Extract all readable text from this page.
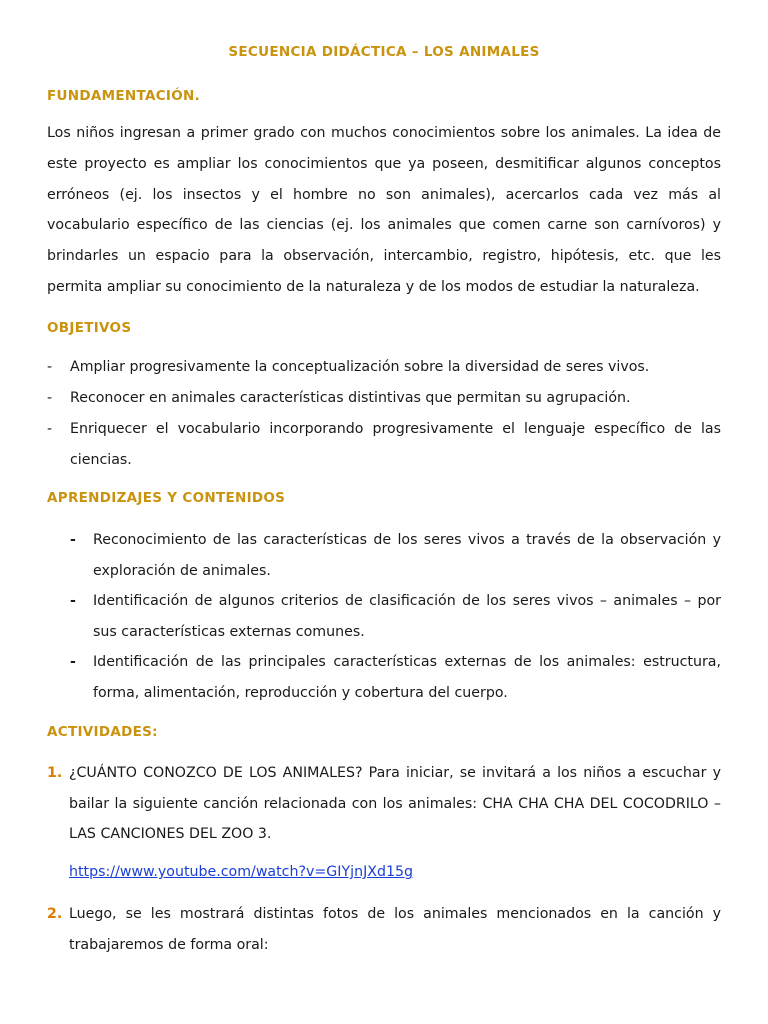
SECUENCIA DIDÁCTICA – LOS ANIMALES
FUNDAMENTACIÓN.

Los niños ingresan a primer grado con muchos conocimientos sobre los animales. La idea de este proyecto es ampliar los conocimientos que ya poseen, desmitificar algunos conceptos erróneos (ej. los insectos y el hombre no son animales), acercarlos cada vez más al vocabulario específico de las ciencias (ej. los animales que comen carne son carnívoros) y brindarles un espacio para la observación, intercambio, registro, hipótesis, etc. que les permita ampliar su conocimiento de la naturaleza y de los modos de estudiar la naturaleza.

OBJETIVOS
- Ampliar progresivamente la conceptualización sobre la diversidad de seres vivos.
- Reconocer en animales características distintivas que permitan su agrupación.
- Enriquecer el vocabulario incorporando progresivamente el lenguaje específico de las ciencias.
APRENDIZAJES Y CONTENIDOS
- Reconocimiento de las características de los seres vivos a través de la observación y exploración de animales.
- Identificación de algunos criterios de clasificación de los seres vivos – animales – por sus características externas comunes.
- Identificación de las principales características externas de los animales: estructura, forma, alimentación, reproducción y cobertura del cuerpo.
ACTIVIDADES:
1. ¿CUÁNTO CONOZCO DE LOS ANIMALES? Para iniciar, se invitará a los niños a escuchar y bailar la siguiente canción relacionada con los animales: CHA CHA CHA DEL COCODRILO – LAS CANCIONES DEL ZOO 3.
https://www.youtube.com/watch?v=GIYjnJXd15g
2. Luego, se les mostrará distintas fotos de los animales mencionados en la canción y trabajaremos de forma oral:
